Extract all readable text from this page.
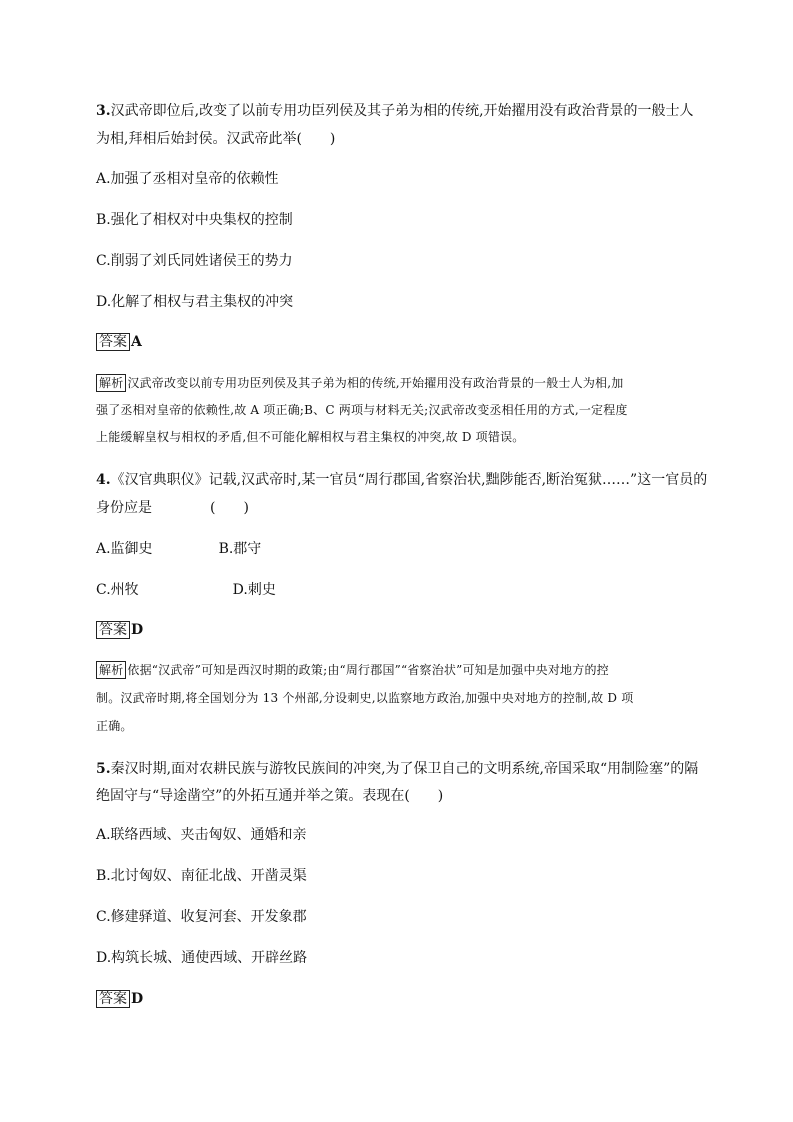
3.汉武帝即位后,改变了以前专用功臣列侯及其子弟为相的传统,开始擢用没有政治背景的一般士人
为相,拜相后始封侯。汉武帝此举(　　)
A.加强了丞相对皇帝的依赖性
B.强化了相权对中央集权的控制
C.削弱了刘氏同姓诸侯王的势力
D.化解了相权与君主集权的冲突
答案 A
解析 汉武帝改变以前专用功臣列侯及其子弟为相的传统,开始擢用没有政治背景的一般士人为相,加
强了丞相对皇帝的依赖性,故 A 项正确;B、C 两项与材料无关;汉武帝改变丞相任用的方式,一定程度
上能缓解皇权与相权的矛盾,但不可能化解相权与君主集权的冲突,故 D 项错误。
4.《汉官典职仪》记载,汉武帝时,某一官员“周行郡国,省察治状,黜陟能否,断治冤狱……”这一官员的
身份应是	(　　)
A.监御史	B.郡守
C.州牧	D.刺史
答案 D
解析 依据“汉武帝”可知是西汉时期的政策;由“周行郡国”“省察治状”可知是加强中央对地方的控
制。汉武帝时期,将全国划分为 13 个州部,分设刺史,以监察地方政治,加强中央对地方的控制,故 D 项
正确。
5.秦汉时期,面对农耕民族与游牧民族间的冲突,为了保卫自己的文明系统,帝国采取“用制险塞”的隔
绝固守与“导途凿空”的外拓互通并举之策。表现在(　　)
A.联络西域、夹击匈奴、通婚和亲
B.北讨匈奴、南征北战、开凿灵渠
C.修建驿道、收复河套、开发象郡
D.构筑长城、通使西域、开辟丝路
答案 D
